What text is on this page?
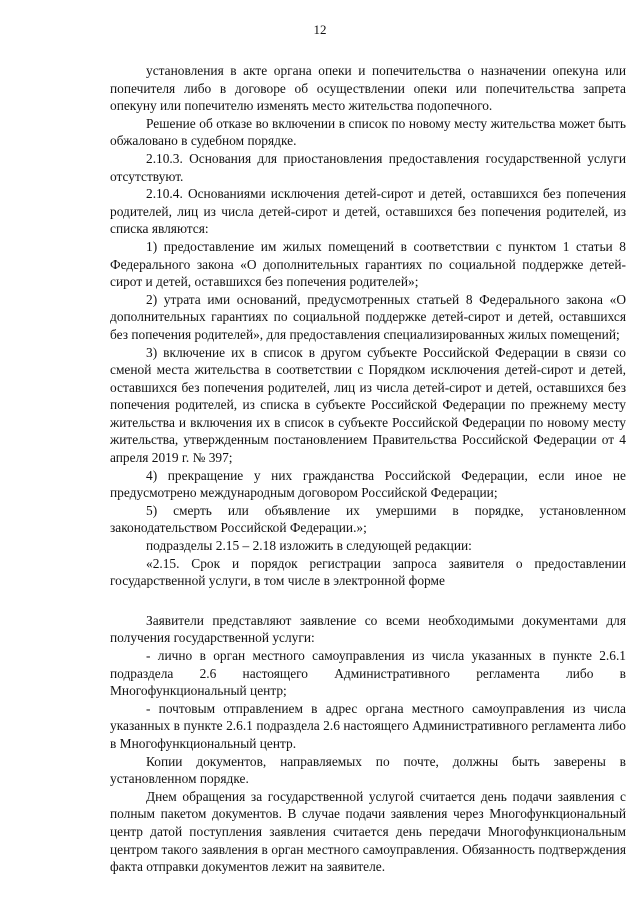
12

установления в акте органа опеки и попечительства о назначении опекуна или попечителя либо в договоре об осуществлении опеки или попечительства запрета опекуну или попечителю изменять место жительства подопечного.

Решение об отказе во включении в список по новому месту жительства может быть обжаловано в судебном порядке.

2.10.3. Основания для приостановления предоставления государственной услуги отсутствуют.

2.10.4. Основаниями исключения детей-сирот и детей, оставшихся без попечения родителей, лиц из числа детей-сирот и детей, оставшихся без попечения родителей, из списка являются:

1) предоставление им жилых помещений в соответствии с пунктом 1 статьи 8 Федерального закона «О дополнительных гарантиях по социальной поддержке детей-сирот и детей, оставшихся без попечения родителей»;

2) утрата ими оснований, предусмотренных статьей 8 Федерального закона «О дополнительных гарантиях по социальной поддержке детей-сирот и детей, оставшихся без попечения родителей», для предоставления специализированных жилых помещений;

3) включение их в список в другом субъекте Российской Федерации в связи со сменой места жительства в соответствии с Порядком исключения детей-сирот и детей, оставшихся без попечения родителей, лиц из числа детей-сирот и детей, оставшихся без попечения родителей, из списка в субъекте Российской Федерации по прежнему месту жительства и включения их в список в субъекте Российской Федерации по новому месту жительства, утвержденным постановлением Правительства Российской Федерации от 4 апреля 2019 г. № 397;

4) прекращение у них гражданства Российской Федерации, если иное не предусмотрено международным договором Российской Федерации;

5) смерть или объявление их умершими в порядке, установленном законодательством Российской Федерации.»;

подразделы 2.15 – 2.18 изложить в следующей редакции:

«2.15. Срок и порядок регистрации запроса заявителя о предоставлении государственной услуги, в том числе в электронной форме

Заявители представляют заявление со всеми необходимыми документами для получения государственной услуги:

- лично в орган местного самоуправления из числа указанных в пункте 2.6.1 подраздела 2.6 настоящего Административного регламента либо в Многофункциональный центр;

- почтовым отправлением в адрес органа местного самоуправления из числа указанных в пункте 2.6.1 подраздела 2.6 настоящего Административного регламента либо в Многофункциональный центр.

Копии документов, направляемых по почте, должны быть заверены в установленном порядке.

Днем обращения за государственной услугой считается день подачи заявления с полным пакетом документов. В случае подачи заявления через Многофункциональный центр датой поступления заявления считается день передачи Многофункциональным центром такого заявления в орган местного самоуправления. Обязанность подтверждения факта отправки документов лежит на заявителе.
